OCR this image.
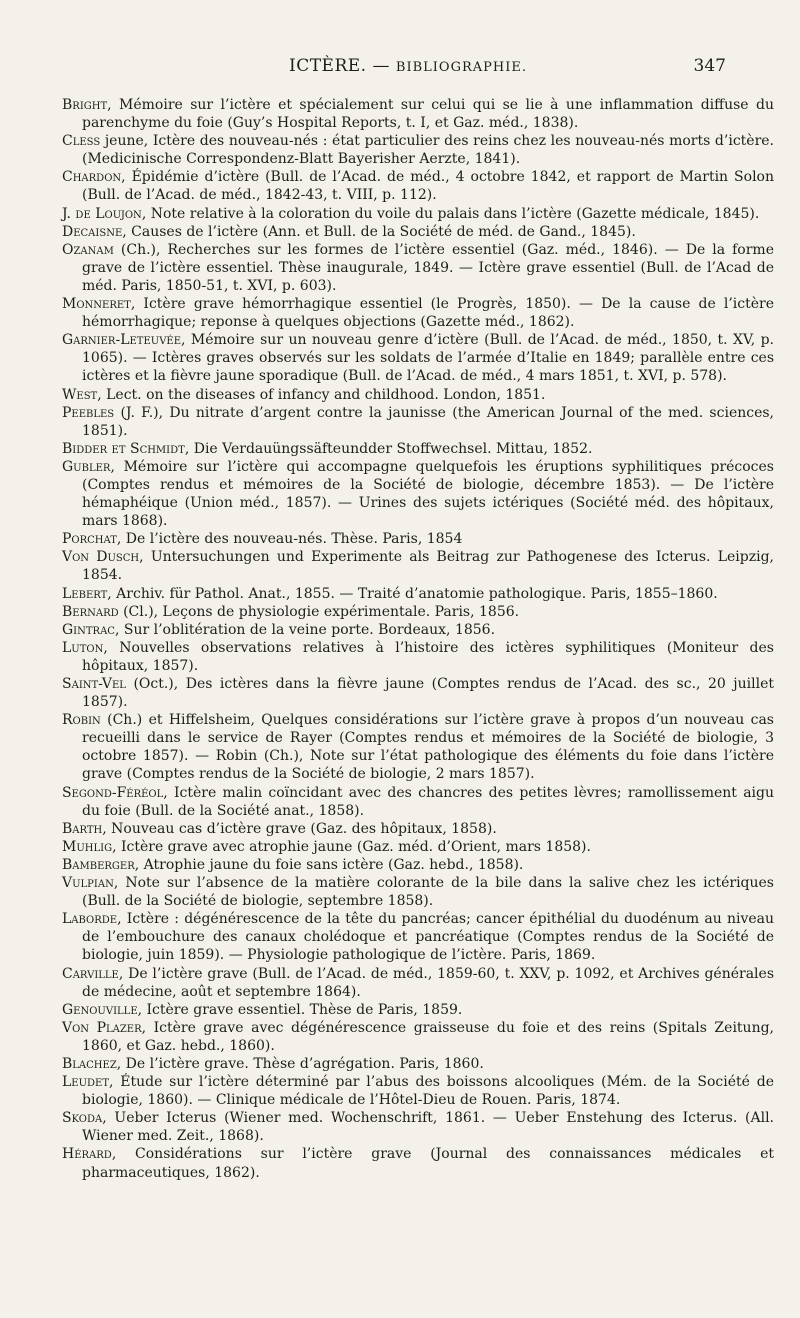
ICTÈRE. — BIBLIOGRAPHIE.	347
Bright, Mémoire sur l’ictère et spécialement sur celui qui se lie à une inflammation diffuse du parenchyme du foie (Guy’s Hospital Reports, t. I, et Gaz. méd., 1838).
Cless jeune, Ictère des nouveau-nés : état particulier des reins chez les nouveau-nés morts d’ictère. (Medicinische Correspondenz-Blatt Bayerisher Aerzte, 1841).
Chardon, Épidémie d’ictère (Bull. de l’Acad. de méd., 4 octobre 1842, et rapport de Martin Solon (Bull. de l’Acad. de méd., 1842-43, t. VIII, p. 112).
J. de Loujon, Note relative à la coloration du voile du palais dans l’ictère (Gazette médicale, 1845).
Decaisne, Causes de l’ictère (Ann. et Bull. de la Société de méd. de Gand., 1845).
Ozanam (Ch.), Recherches sur les formes de l’ictère essentiel (Gaz. méd., 1846). — De la forme grave de l’ictère essentiel. Thèse inaugurale, 1849. — Ictère grave essentiel (Bull. de l’Acad de méd. Paris, 1850-51, t. XVI, p. 603).
Monneret, Ictère grave hémorrhagique essentiel (le Progrès, 1850). — De la cause de l’ictère hémorrhagique; reponse à quelques objections (Gazette méd., 1862).
Garnier-Leteuvée, Mémoire sur un nouveau genre d’ictère (Bull. de l’Acad. de méd., 1850, t. XV, p. 1065). — Ictères graves observés sur les soldats de l’armée d’Italie en 1849; parallèle entre ces ictères et la fièvre jaune sporadique (Bull. de l’Acad. de méd., 4 mars 1851, t. XVI, p. 578).
West, Lect. on the diseases of infancy and childhood. London, 1851.
Peebles (J. F.), Du nitrate d’argent contre la jaunisse (the American Journal of the med. sciences, 1851).
Bidder et Schmidt, Die Verdauüngssäfteundder Stoffwechsel. Mittau, 1852.
Gubler, Mémoire sur l’ictère qui accompagne quelquefois les éruptions syphilitiques précoces (Comptes rendus et mémoires de la Société de biologie, décembre 1853). — De l’ictère hémaphéique (Union méd., 1857). — Urines des sujets ictériques (Société méd. des hôpitaux, mars 1868).
Porchat, De l’ictère des nouveau-nés. Thèse. Paris, 1854
Von Dusch, Untersuchungen und Experimente als Beitrag zur Pathogenese des Icterus. Leipzig, 1854.
Lebert, Archiv. für Pathol. Anat., 1855. — Traité d’anatomie pathologique. Paris, 1855–1860.
Bernard (Cl.), Leçons de physiologie expérimentale. Paris, 1856.
Gintrac, Sur l’oblitération de la veine porte. Bordeaux, 1856.
Luton, Nouvelles observations relatives à l’histoire des ictères syphilitiques (Moniteur des hôpitaux, 1857).
Saint-Vel (Oct.), Des ictères dans la fièvre jaune (Comptes rendus de l’Acad. des sc., 20 juillet 1857).
Robin (Ch.) et Hiffelsheim, Quelques considérations sur l’ictère grave à propos d’un nouveau cas recueilli dans le service de Rayer (Comptes rendus et mémoires de la Société de biologie, 3 octobre 1857). — Robin (Ch.), Note sur l’état pathologique des éléments du foie dans l’ictère grave (Comptes rendus de la Société de biologie, 2 mars 1857).
Segond-Féréol, Ictère malin coïncidant avec des chancres des petites lèvres; ramollissement aigu du foie (Bull. de la Société anat., 1858).
Barth, Nouveau cas d’ictère grave (Gaz. des hôpitaux, 1858).
Muhlig, Ictère grave avec atrophie jaune (Gaz. méd. d’Orient, mars 1858).
Bamberger, Atrophie jaune du foie sans ictère (Gaz. hebd., 1858).
Vulpian, Note sur l’absence de la matière colorante de la bile dans la salive chez les ictériques (Bull. de la Société de biologie, septembre 1858).
Laborde, Ictère : dégénérescence de la tête du pancréas; cancer épithélial du duodénum au niveau de l’embouchure des canaux cholédoque et pancréatique (Comptes rendus de la Société de biologie, juin 1859). — Physiologie pathologique de l’ictère. Paris, 1869.
Carville, De l’ictère grave (Bull. de l’Acad. de méd., 1859-60, t. XXV, p. 1092, et Archives générales de médecine, août et septembre 1864).
Genouville, Ictère grave essentiel. Thèse de Paris, 1859.
Von Plazer, Ictère grave avec dégénérescence graisseuse du foie et des reins (Spitals Zeitung, 1860, et Gaz. hebd., 1860).
Blachez, De l’ictère grave. Thèse d’agrégation. Paris, 1860.
Leudet, Étude sur l’ictère déterminé par l’abus des boissons alcooliques (Mém. de la Société de biologie, 1860). — Clinique médicale de l’Hôtel-Dieu de Rouen. Paris, 1874.
Skoda, Ueber Icterus (Wiener med. Wochenschrift, 1861. — Ueber Enstehung des Icterus. (All. Wiener med. Zeit., 1868).
Hérard, Considérations sur l’ictère grave (Journal des connaissances médicales et pharmaceutiques, 1862).
